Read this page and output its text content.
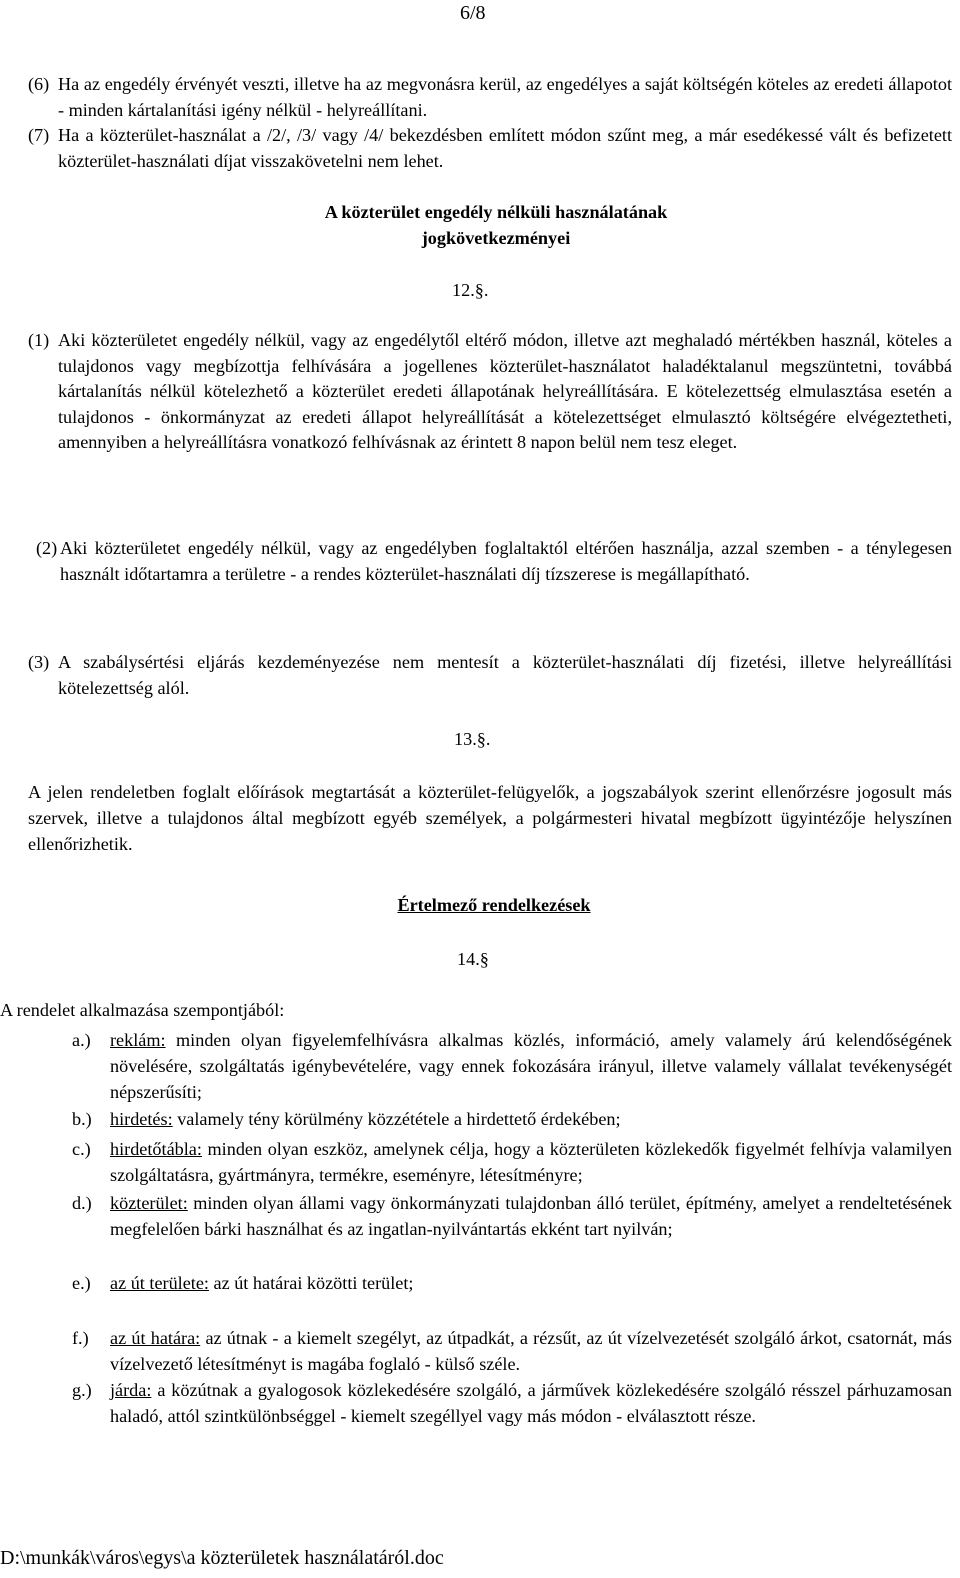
6/8
(6) Ha az engedély érvényét veszti, illetve ha az megvonásra kerül, az engedélyes a saját költségén köteles az eredeti állapotot - minden kártalanítási igény nélkül - helyreállítani.
(7) Ha a közterület-használat a /2/, /3/ vagy /4/ bekezdésben említett módon szűnt meg, a már esedékessé vált és befizetett közterület-használati díjat visszakövetelni nem lehet.
A közterület engedély nélküli használatának
jogkövetkezményei
12.§.
(1) Aki közterületet engedély nélkül, vagy az engedélytől eltérő módon, illetve azt meghaladó mértékben használ, köteles a tulajdonos vagy megbízottja felhívására a jogellenes közterület-használatot haladéktalanul megszüntetni, továbbá kártalanítás nélkül kötelezhető a közterület eredeti állapotának helyreállítására. E kötelezettség elmulasztása esetén a tulajdonos - önkormányzat az eredeti állapot helyreállítását a kötelezettséget elmulasztó költségére elvégeztetheti, amennyiben a helyreállításra vonatkozó felhívásnak az érintett 8 napon belül nem tesz eleget.
(2) Aki közterületet engedély nélkül, vagy az engedélyben foglaltaktól eltérően használja, azzal szemben - a ténylegesen használt időtartamra a területre - a rendes közterület-használati díj tízszerese is megállapítható.
(3) A szabálysértési eljárás kezdeményezése nem mentesít a közterület-használati díj fizetési, illetve helyreállítási kötelezettség alól.
13.§.
A jelen rendeletben foglalt előírások megtartását a közterület-felügyelők, a jogszabályok szerint ellenőrzésre jogosult más szervek, illetve a tulajdonos által megbízott egyéb személyek, a polgármesteri hivatal megbízott ügyintézője helyszínen ellenőrizhetik.
Értelmező rendelkezések
14.§
A rendelet alkalmazása szempontjából:
a.) reklám: minden olyan figyelemfelhívásra alkalmas közlés, információ, amely valamely árú kelendőségének növelésére, szolgáltatás igénybevételére, vagy ennek fokozására irányul, illetve valamely vállalat tevékenységét népszerűsíti;
b.) hirdetés: valamely tény körülmény közzététele a hirdettető érdekében;
c.) hirdetőtábla: minden olyan eszköz, amelynek célja, hogy a közterületen közlekedők figyelmét felhívja valamilyen szolgáltatásra, gyártmányra, termékre, eseményre, létesítményre;
d.) közterület: minden olyan állami vagy önkormányzati tulajdonban álló terület, építmény, amelyet a rendeltetésének megfelelően bárki használhat és az ingatlan-nyilvántartás ekként tart nyilván;
e.) az út területe: az út határai közötti terület;
f.) az út határa: az útnak - a kiemelt szegélyt, az útpadkát, a rézsűt, az út vízelvezetését szolgáló árkot, csatornát, más vízelvezető létesítményt is magába foglaló - külső széle.
g.) járda: a közútnak a gyalogosok közlekedésére szolgáló, a járművek közlekedésére szolgáló résszel párhuzamosan haladó, attól szintkülönbséggel - kiemelt szegéllyel vagy más módon - elválasztott része.
D:\munkák\város\egys\a közterületek használatáról.doc
